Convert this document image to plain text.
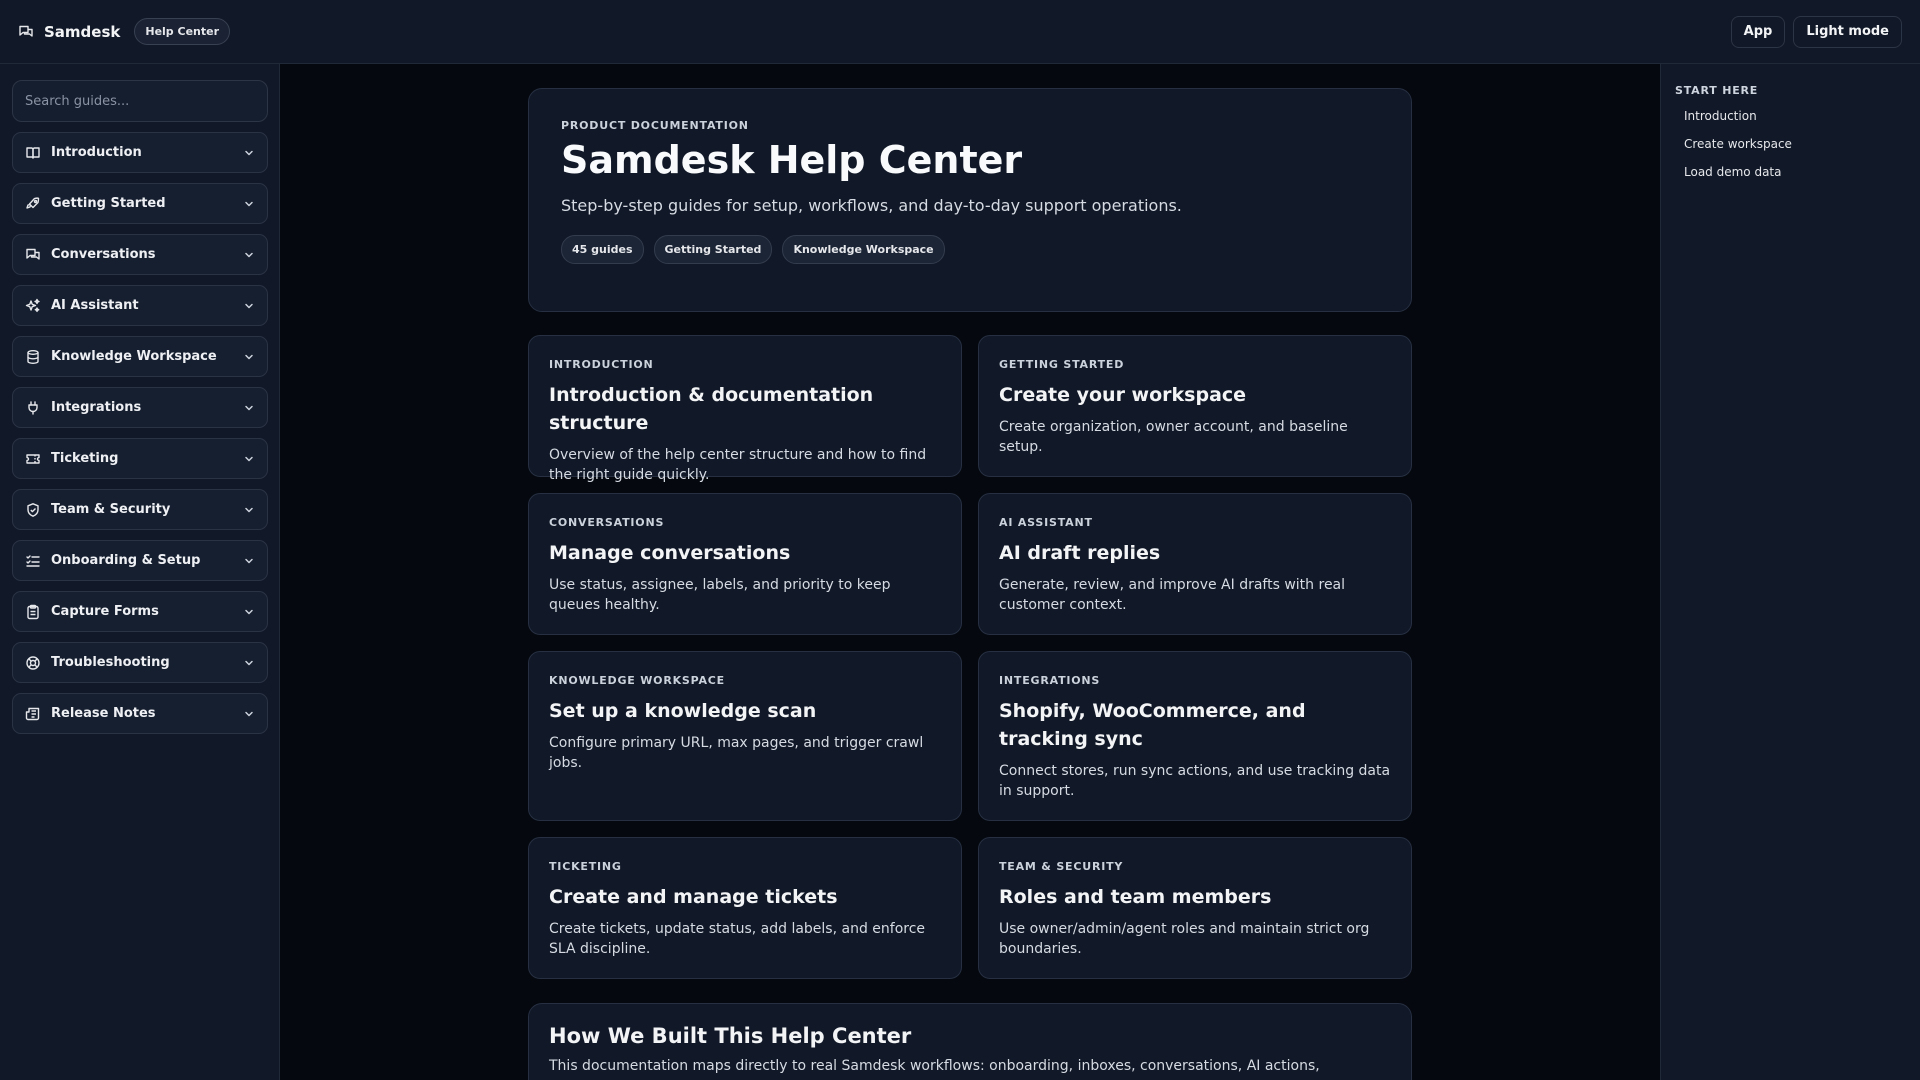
Samdesk	Help Center	App	Light mode
Search guides...
Introduction
Getting Started
Conversations
AI Assistant
Knowledge Workspace
Integrations
Ticketing
Team & Security
Onboarding & Setup
Capture Forms
Troubleshooting
Release Notes
PRODUCT DOCUMENTATION
Samdesk Help Center
Step-by-step guides for setup, workflows, and day-to-day support operations.
45 guides	Getting Started	Knowledge Workspace
INTRODUCTION
Introduction & documentation structure
Overview of the help center structure and how to find the right guide quickly.
GETTING STARTED
Create your workspace
Create organization, owner account, and baseline setup.
CONVERSATIONS
Manage conversations
Use status, assignee, labels, and priority to keep queues healthy.
AI ASSISTANT
AI draft replies
Generate, review, and improve AI drafts with real customer context.
KNOWLEDGE WORKSPACE
Set up a knowledge scan
Configure primary URL, max pages, and trigger crawl jobs.
INTEGRATIONS
Shopify, WooCommerce, and tracking sync
Connect stores, run sync actions, and use tracking data in support.
TICKETING
Create and manage tickets
Create tickets, update status, add labels, and enforce SLA discipline.
TEAM & SECURITY
Roles and team members
Use owner/admin/agent roles and maintain strict org boundaries.
How We Built This Help Center
This documentation maps directly to real Samdesk workflows: onboarding, inboxes, conversations, AI actions,
START HERE
Introduction
Create workspace
Load demo data
